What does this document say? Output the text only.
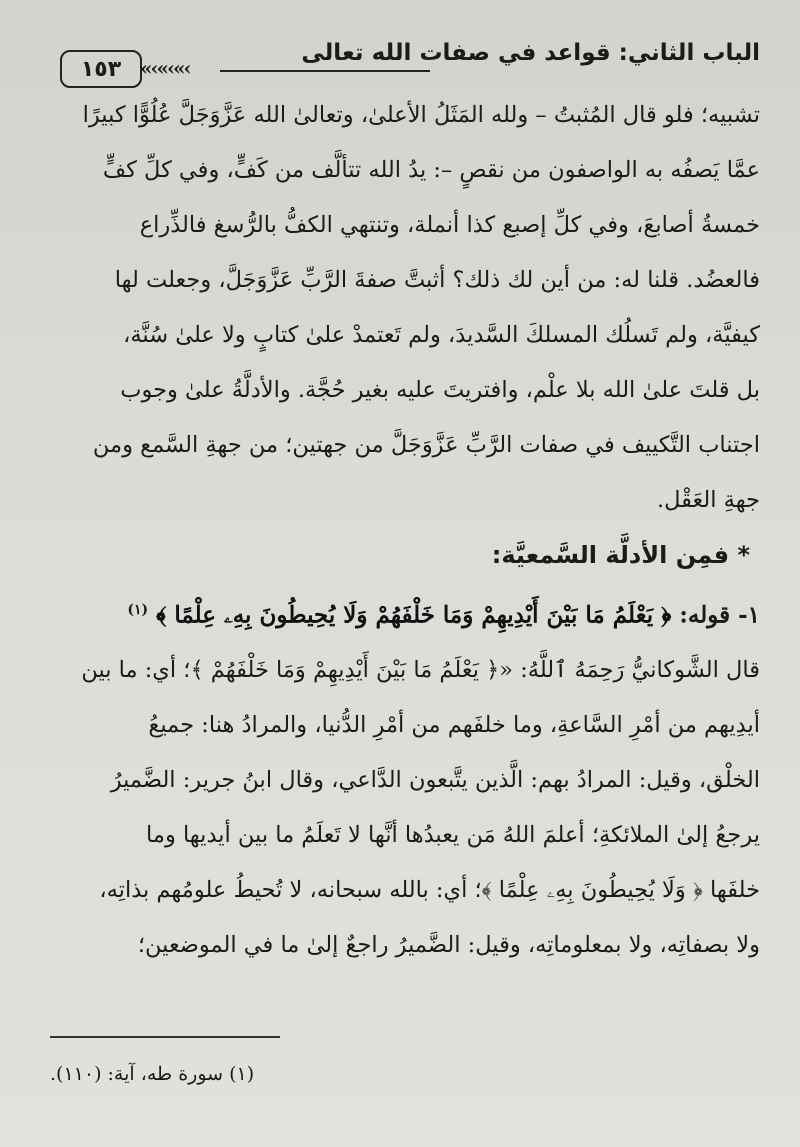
الباب الثاني: قواعد في صفات الله تعالى
«‹«‹«‹
١٥٣
تشبيه؛ فلو قال المُثبتُ – ولله المَثَلُ الأعلىٰ، وتعالىٰ الله عَزَّوَجَلَّ عُلُوًّا كبيرًا
عمَّا يَصفُه به الواصفون من نقصٍ –: يدُ الله تتألَّف من كَفٍّ، وفي كلِّ كفٍّ
خمسةُ أصابعَ، وفي كلِّ إصبع كذا أنملة، وتنتهي الكفُّ بالرُّسغ فالذِّراع
فالعضُد. قلنا له: من أين لك ذلك؟ أثبتَّ صفةَ الرَّبِّ عَزَّوَجَلَّ، وجعلت لها
كيفيَّة، ولم تَسلُك المسلكَ السَّديدَ، ولم تَعتمدْ علىٰ كتابٍ ولا علىٰ سُنَّة،
بل قلتَ علىٰ الله بلا علْم، وافتريتَ عليه بغير حُجَّة. والأدلَّةُ علىٰ وجوب
اجتناب التَّكييف في صفات الرَّبِّ عَزَّوَجَلَّ من جهتين؛ من جهةِ السَّمع ومن
جهةِ العَقْل.
* فمِن الأدلَّة السَّمعيَّة:
١- قوله: ﴿ يَعْلَمُ مَا بَيْنَ أَيْدِيهِمْ وَمَا خَلْفَهُمْ وَلَا يُحِيطُونَ بِهِۦ عِلْمًا ﴾ $^{(١)}$
قال الشَّوكانيُّ رَحِمَهُ ٱللَّهُ: «﴿ يَعْلَمُ مَا بَيْنَ أَيْدِيهِمْ وَمَا خَلْفَهُمْ ﴾؛ أي: ما بين
أيدِيهم من أمْرِ السَّاعةِ، وما خلفَهم من أمْرِ الدُّنيا، والمرادُ هنا: جميعُ
الخلْق، وقيل: المرادُ بهم: الَّذين يتَّبعون الدَّاعي، وقال ابنُ جرير: الضَّميرُ
يرجعُ إلىٰ الملائكةِ؛ أعلمَ اللهُ مَن يعبدُها أنَّها لا تَعلَمُ ما بين أيديها وما
خلفَها ﴿ وَلَا يُحِيطُونَ بِهِۦ عِلْمًا ﴾؛ أي: بالله سبحانه، لا تُحيطُ علومُهم بذاتِه،
ولا بصفاتِه، ولا بمعلوماتِه، وقيل: الضَّميرُ راجعٌ إلىٰ ما في الموضعين؛
(١) سورة طه، آية: (١١٠).
